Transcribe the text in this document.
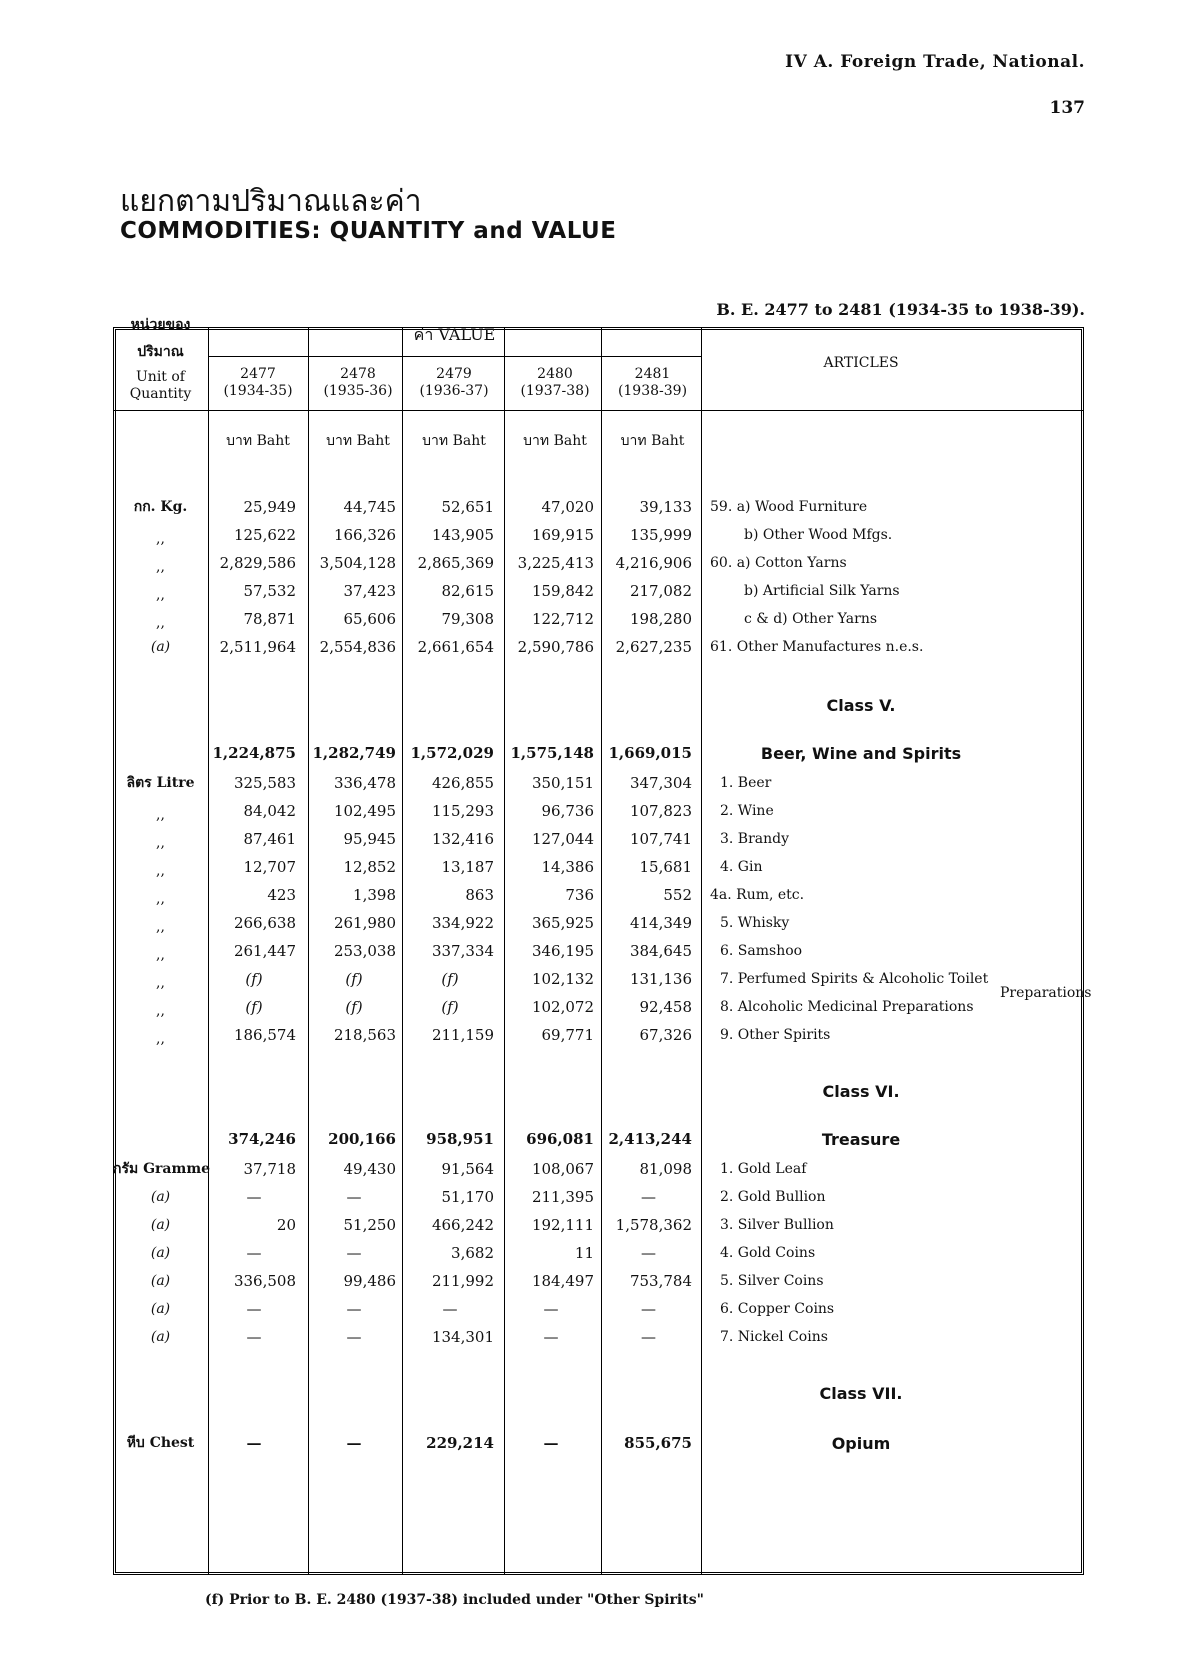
IV A. Foreign Trade, National.
137
แยกตามปริมาณและค่า
COMMODITIES: QUANTITY and VALUE
B. E. 2477 to 2481 (1934-35 to 1938-39).
หน่วยของ
ปริมาณ
Unit of
Quantity
ค่า VALUE
ARTICLES
2477
(1934-35)
บาท Baht
2478
(1935-36)
บาท Baht
2479
(1936-37)
บาท Baht
2480
(1937-38)
บาท Baht
2481
(1938-39)
บาท Baht
กก. Kg.	25,949	44,745	52,651	47,020	39,133 59. a) Wood Furniture
,,	125,622	166,326	143,905	169,915	135,999	b) Other Wood Mfgs.
,,	2,829,586	3,504,128	2,865,369	3,225,413	4,216,906 60. a) Cotton Yarns
,,	57,532	37,423	82,615	159,842	217,082	b) Artificial Silk Yarns
,,	78,871	65,606	79,308	122,712	198,280	c & d) Other Yarns
(a)	2,511,964	2,554,836	2,661,654	2,590,786	2,627,235 61. Other Manufactures n.e.s.
Class V.
1,224,875 1,282,749 1,572,029	1,575,148 1,669,015	Beer, Wine and Spirits
ลิตร Litre	325,583	336,478	426,855	350,151	347,304 1. Beer
,,	84,042	102,495	115,293	96,736	107,823 2. Wine
,,	87,461	95,945	132,416	127,044	107,741 3. Brandy
,,	12,707	12,852	13,187	14,386	15,681 4. Gin
,,	423	1,398	863	736	552 4a. Rum, etc.
,,	266,638	261,980	334,922	365,925	414,349 5. Whisky
,,	261,447	253,038	337,334	346,195	384,645 6. Samshoo
,,	(f)	(f)	(f)	102,132	131,136 7. Perfumed Spirits & Alcoholic Toilet
Preparations
,,	(f)	(f)	(f)	102,072	92,458 8. Alcoholic Medicinal Preparations
,,	186,574	218,563	211,159	69,771	67,326 9. Other Spirits
Class VI.
374,246	200,166	958,951	696,081 2,413,244	Treasure
กรัม Gramme	37,718	49,430	91,564	108,067	81,098 1. Gold Leaf
(a)	—	—	51,170	211,395	—	2. Gold Bullion
(a)	20	51,250	466,242	192,111	1,578,362 3. Silver Bullion
(a)	—	—	3,682	11	—	4. Gold Coins
(a)	336,508	99,486	211,992	184,497	753,784 5. Silver Coins
(a)	—	—	—	—	—	6. Copper Coins
(a)	—	—	134,301	—	—	7. Nickel Coins
Class VII.
หีบ Chest	—	—	229,214	—	855,675	Opium
(f) Prior to B. E. 2480 (1937-38) included under "Other Spirits"
